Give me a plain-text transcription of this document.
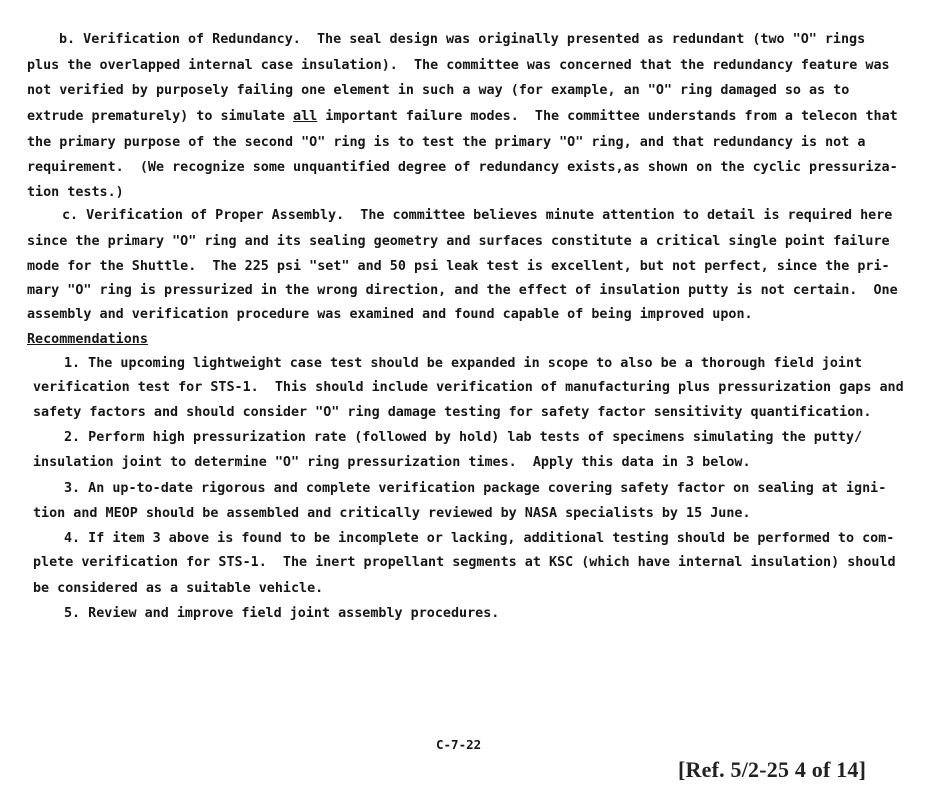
b. Verification of Redundancy.  The seal design was originally presented as redundant (two "O" rings
plus the overlapped internal case insulation).  The committee was concerned that the redundancy feature was
not verified by purposely failing one element in such a way (for example, an "O" ring damaged so as to
extrude prematurely) to simulate all important failure modes.  The committee understands from a telecon that
the primary purpose of the second "O" ring is to test the primary "O" ring, and that redundancy is not a
requirement.  (We recognize some unquantified degree of redundancy exists,as shown on the cyclic pressuriza-
tion tests.)
c. Verification of Proper Assembly.  The committee believes minute attention to detail is required here
since the primary "O" ring and its sealing geometry and surfaces constitute a critical single point failure
mode for the Shuttle.  The 225 psi "set" and 50 psi leak test is excellent, but not perfect, since the pri-
mary "O" ring is pressurized in the wrong direction, and the effect of insulation putty is not certain.  One
assembly and verification procedure was examined and found capable of being improved upon.
Recommendations
1. The upcoming lightweight case test should be expanded in scope to also be a thorough field joint
verification test for STS-1.  This should include verification of manufacturing plus pressurization gaps and
safety factors and should consider "O" ring damage testing for safety factor sensitivity quantification.
2. Perform high pressurization rate (followed by hold) lab tests of specimens simulating the putty/
insulation joint to determine "O" ring pressurization times.  Apply this data in 3 below.
3. An up-to-date rigorous and complete verification package covering safety factor on sealing at igni-
tion and MEOP should be assembled and critically reviewed by NASA specialists by 15 June.
4. If item 3 above is found to be incomplete or lacking, additional testing should be performed to com-
plete verification for STS-1.  The inert propellant segments at KSC (which have internal insulation) should
be considered as a suitable vehicle.
5. Review and improve field joint assembly procedures.
C-7-22
[Ref. 5/2-25 4 of 14]
